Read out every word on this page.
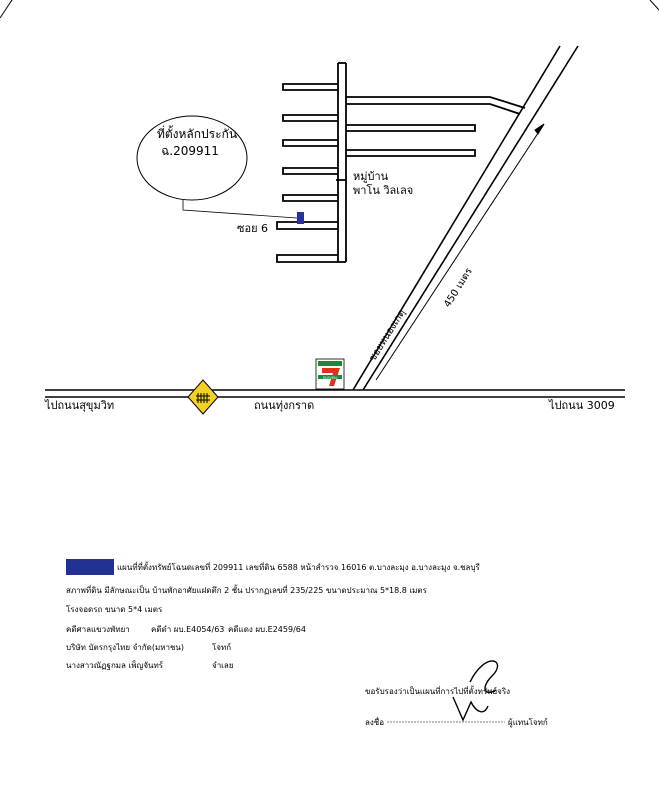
ที่ตั้งหลักประกัน
ฉ.209911
หมู่บ้าน
พาโน วิลเลจ
ซอย 6
ซอยหนองเกตุ
450 เมตร
ELEVEN
ไปถนนสุขุมวิท	ถนนทุ่งกราด	ไปถนน 3009
แผนที่ที่ตั้งทรัพย์โฉนดเลขที่ 209911 เลขที่ดิน 6588 หน้าสำรวจ 16016 ต.บางละมุง อ.บางละมุง จ.ชลบุรี
สภาพที่ดิน มีลักษณะเป็น บ้านพักอาศัยแฝดตึก 2 ชั้น ปรากฏเลขที่ 235/225 ขนาดประมาณ 5*18.8 เมตร
โรงจอดรถ ขนาด 5*4 เมตร
คดีศาลแขวงพัทยา	คดีดำ ผบ.E4054/63 คดีแดง ผบ.E2459/64
บริษัท บัตรกรุงไทย จำกัด(มหาชน)	โจทก์
นางสาวณัฏฐกมล เพ็ญจันทร์	จำเลย
ขอรับรองว่าเป็นแผนที่การไปที่ตั้งทรัพย์จริง
ลงชื่อ	ผู้แทนโจทก์
